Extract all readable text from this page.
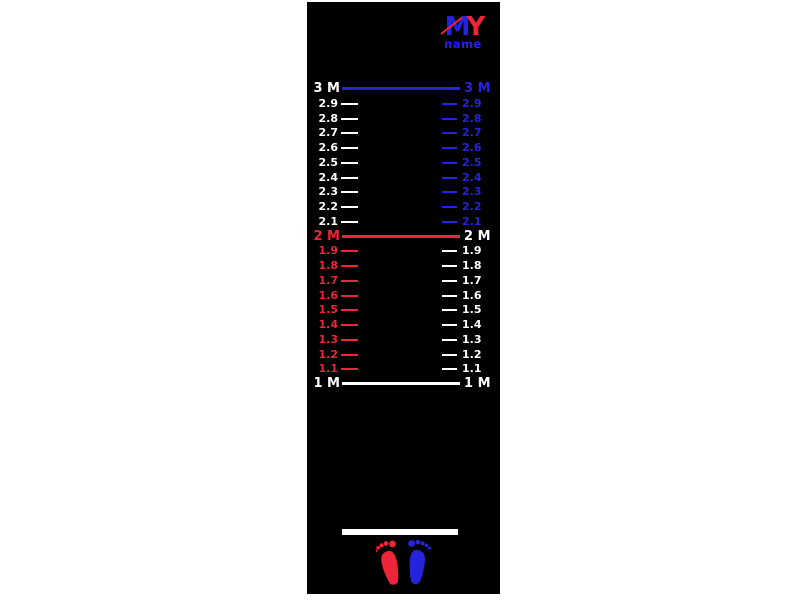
MY
name
3 M	3 M
2.9	2.9
2.8	2.8
2.7	2.7
2.6	2.6
2.5	2.5
2.4	2.4
2.3	2.3
2.2	2.2
2.1	2.1
2 M	2 M
1.9	1.9
1.8	1.8
1.7	1.7
1.6	1.6
1.5	1.5
1.4	1.4
1.3	1.3
1.2	1.2
1.1	1.1
1 M	1 M
